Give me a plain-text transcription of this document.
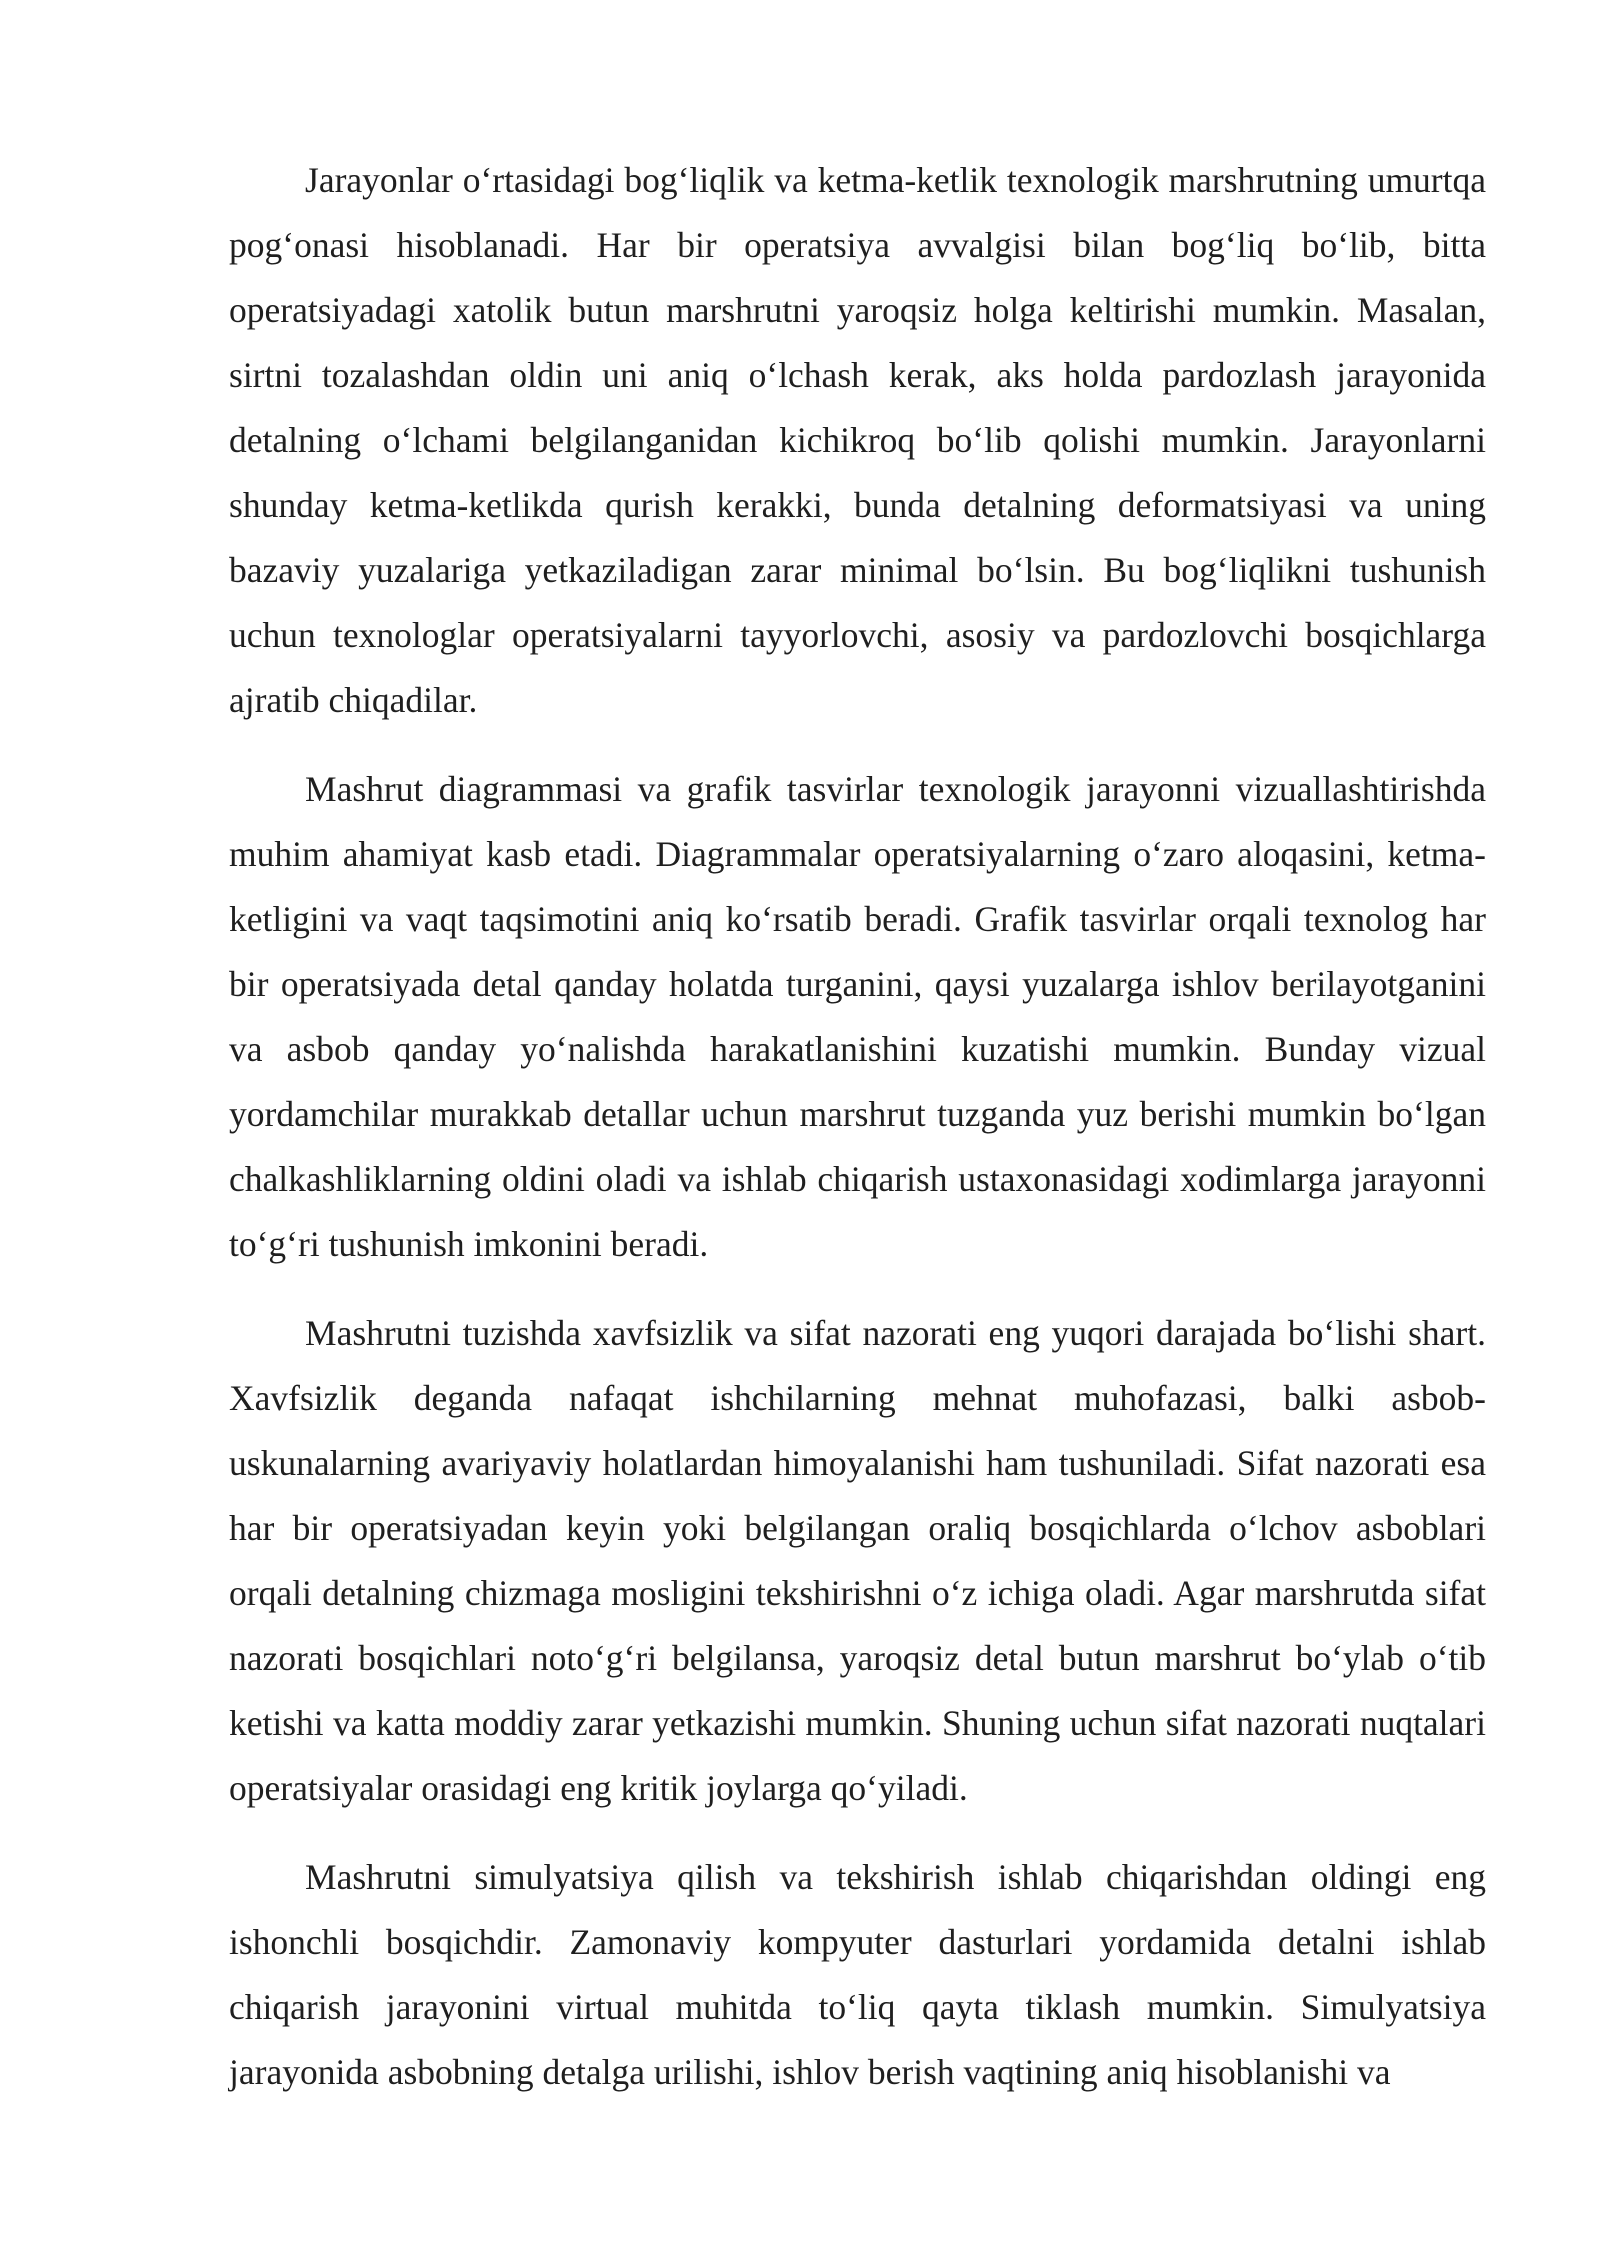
Jarayonlar oʻrtasidagi bogʻliqlik va ketma-ketlik texnologik marshrutning umurtqa pogʻonasi hisoblanadi. Har bir operatsiya avvalgisi bilan bogʻliq boʻlib, bitta operatsiyadagi xatolik butun marshrutni yaroqsiz holga keltirishi mumkin. Masalan, sirtni tozalashdan oldin uni aniq oʻlchash kerak, aks holda pardozlash jarayonida detalning oʻlchami belgilanganidan kichikroq boʻlib qolishi mumkin. Jarayonlarni shunday ketma-ketlikda qurish kerakki, bunda detalning deformatsiyasi va uning bazaviy yuzalariga yetkaziladigan zarar minimal boʻlsin. Bu bogʻliqlikni tushunish uchun texnologlar operatsiyalarni tayyorlovchi, asosiy va pardozlovchi bosqichlarga ajratib chiqadilar.

Mashrut diagrammasi va grafik tasvirlar texnologik jarayonni vizuallashtirishda muhim ahamiyat kasb etadi. Diagrammalar operatsiyalarning oʻzaro aloqasini, ketma-ketligini va vaqt taqsimotini aniq koʻrsatib beradi. Grafik tasvirlar orqali texnolog har bir operatsiyada detal qanday holatda turganini, qaysi yuzalarga ishlov berilayotganini va asbob qanday yoʻnalishda harakatlanishini kuzatishi mumkin. Bunday vizual yordamchilar murakkab detallar uchun marshrut tuzganda yuz berishi mumkin boʻlgan chalkashliklarning oldini oladi va ishlab chiqarish ustaxonasidagi xodimlarga jarayonni toʻgʻri tushunish imkonini beradi.

Mashrutni tuzishda xavfsizlik va sifat nazorati eng yuqori darajada boʻlishi shart. Xavfsizlik deganda nafaqat ishchilarning mehnat muhofazasi, balki asbob-uskunalarning avariyaviy holatlardan himoyalanishi ham tushuniladi. Sifat nazorati esa har bir operatsiyadan keyin yoki belgilangan oraliq bosqichlarda oʻlchov asboblari orqali detalning chizmaga mosligini tekshirishni oʻz ichiga oladi. Agar marshrutda sifat nazorati bosqichlari notoʻgʻri belgilansa, yaroqsiz detal butun marshrut boʻylab oʻtib ketishi va katta moddiy zarar yetkazishi mumkin. Shuning uchun sifat nazorati nuqtalari operatsiyalar orasidagi eng kritik joylarga qoʻyiladi.

Mashrutni simulyatsiya qilish va tekshirish ishlab chiqarishdan oldingi eng ishonchli bosqichdir. Zamonaviy kompyuter dasturlari yordamida detalni ishlab chiqarish jarayonini virtual muhitda toʻliq qayta tiklash mumkin. Simulyatsiya jarayonida asbobning detalga urilishi, ishlov berish vaqtining aniq hisoblanishi va
